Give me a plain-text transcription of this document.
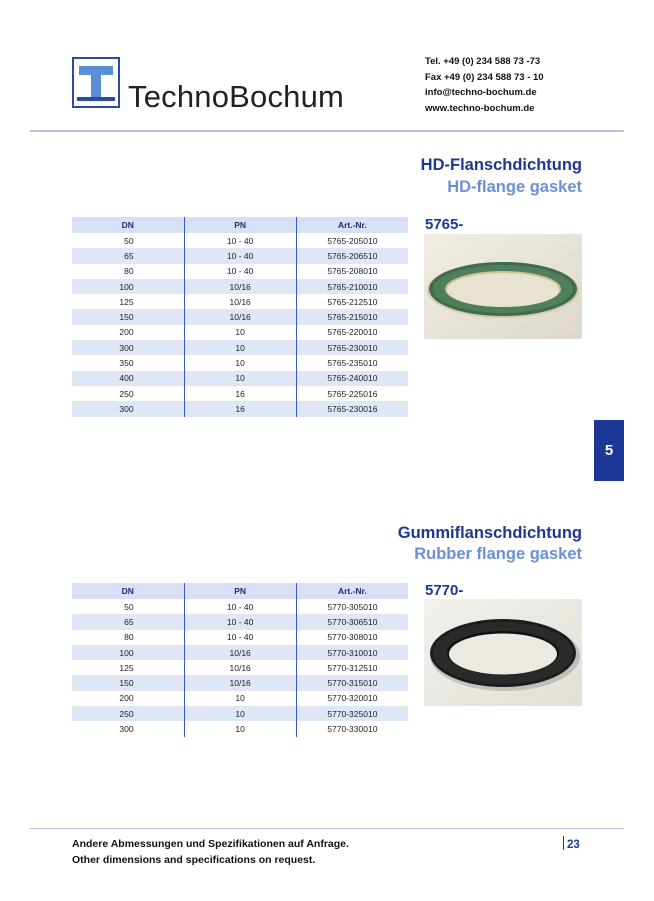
TechnoBochum
Tel. +49 (0) 234 588 73 -73
Fax +49 (0) 234 588 73 - 10
info@techno-bochum.de
www.techno-bochum.de
HD-Flanschdichtung
HD-flange gasket
DN	PN	Art.-Nr.
50	10 - 40	5765-205010
65	10 - 40	5765-206510
80	10 - 40	5765-208010
100	10/16	5765-210010
125	10/16	5765-212510
150	10/16	5765-215010
200	10	5765-220010
300	10	5765-230010
350	10	5765-235010
400	10	5765-240010
250	16	5765-225016
300	16	5765-230016
5765-
5
Gummiflanschdichtung
Rubber flange gasket
DN	PN	Art.-Nr.
50	10 - 40	5770-305010
65	10 - 40	5770-306510
80	10 - 40	5770-308010
100	10/16	5770-310010
125	10/16	5770-312510
150	10/16	5770-315010
200	10	5770-320010
250	10	5770-325010
300	10	5770-330010
5770-
Andere Abmessungen und Spezifikationen auf Anfrage.
Other dimensions and specifications on request.
23
